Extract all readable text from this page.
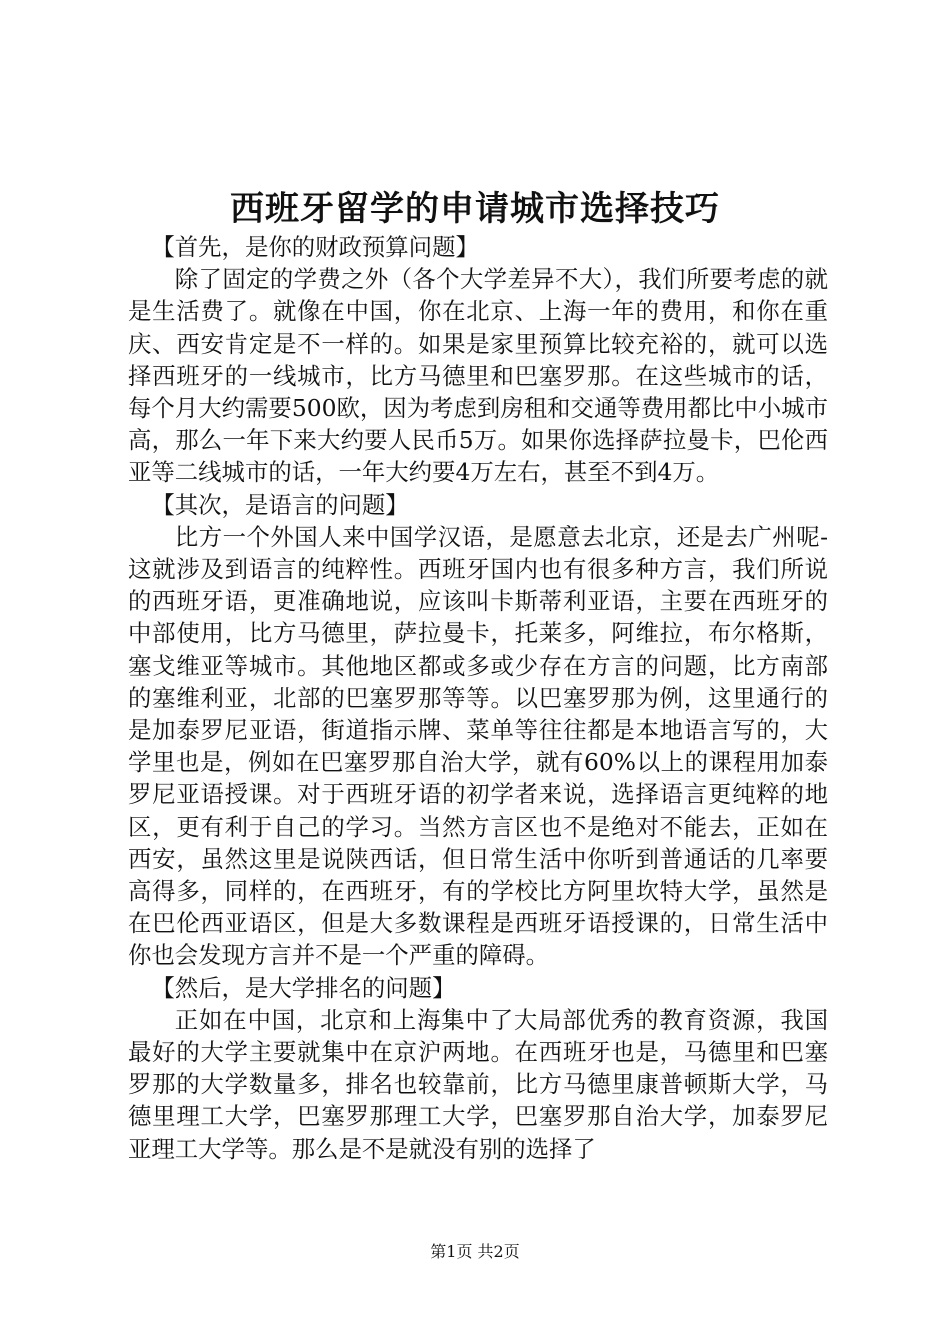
西班牙留学的申请城市选择技巧

【首先，是你的财政预算问题】

除了固定的学费之外（各个大学差异不大），我们所要考虑的就是生活费了。就像在中国，你在北京、上海一年的费用，和你在重庆、西安肯定是不一样的。如果是家里预算比较充裕的，就可以选择西班牙的一线城市，比方马德里和巴塞罗那。在这些城市的话，每个月大约需要500欧，因为考虑到房租和交通等费用都比中小城市高，那么一年下来大约要人民币5万。如果你选择萨拉曼卡，巴伦西亚等二线城市的话，一年大约要4万左右，甚至不到4万。

【其次，是语言的问题】

比方一个外国人来中国学汉语，是愿意去北京，还是去广州呢-这就涉及到语言的纯粹性。西班牙国内也有很多种方言，我们所说的西班牙语，更准确地说，应该叫卡斯蒂利亚语，主要在西班牙的中部使用，比方马德里，萨拉曼卡，托莱多，阿维拉，布尔格斯，塞戈维亚等城市。其他地区都或多或少存在方言的问题，比方南部的塞维利亚，北部的巴塞罗那等等。以巴塞罗那为例，这里通行的是加泰罗尼亚语，街道指示牌、菜单等往往都是本地语言写的，大学里也是，例如在巴塞罗那自治大学，就有60%以上的课程用加泰罗尼亚语授课。对于西班牙语的初学者来说，选择语言更纯粹的地区，更有利于自己的学习。当然方言区也不是绝对不能去，正如在西安，虽然这里是说陕西话，但日常生活中你听到普通话的几率要高得多，同样的，在西班牙，有的学校比方阿里坎特大学，虽然是在巴伦西亚语区，但是大多数课程是西班牙语授课的，日常生活中你也会发现方言并不是一个严重的障碍。

【然后，是大学排名的问题】

正如在中国，北京和上海集中了大局部优秀的教育资源，我国最好的大学主要就集中在京沪两地。在西班牙也是，马德里和巴塞罗那的大学数量多，排名也较靠前，比方马德里康普顿斯大学，马德里理工大学，巴塞罗那理工大学，巴塞罗那自治大学，加泰罗尼亚理工大学等。那么是不是就没有别的选择了

第1页 共2页
